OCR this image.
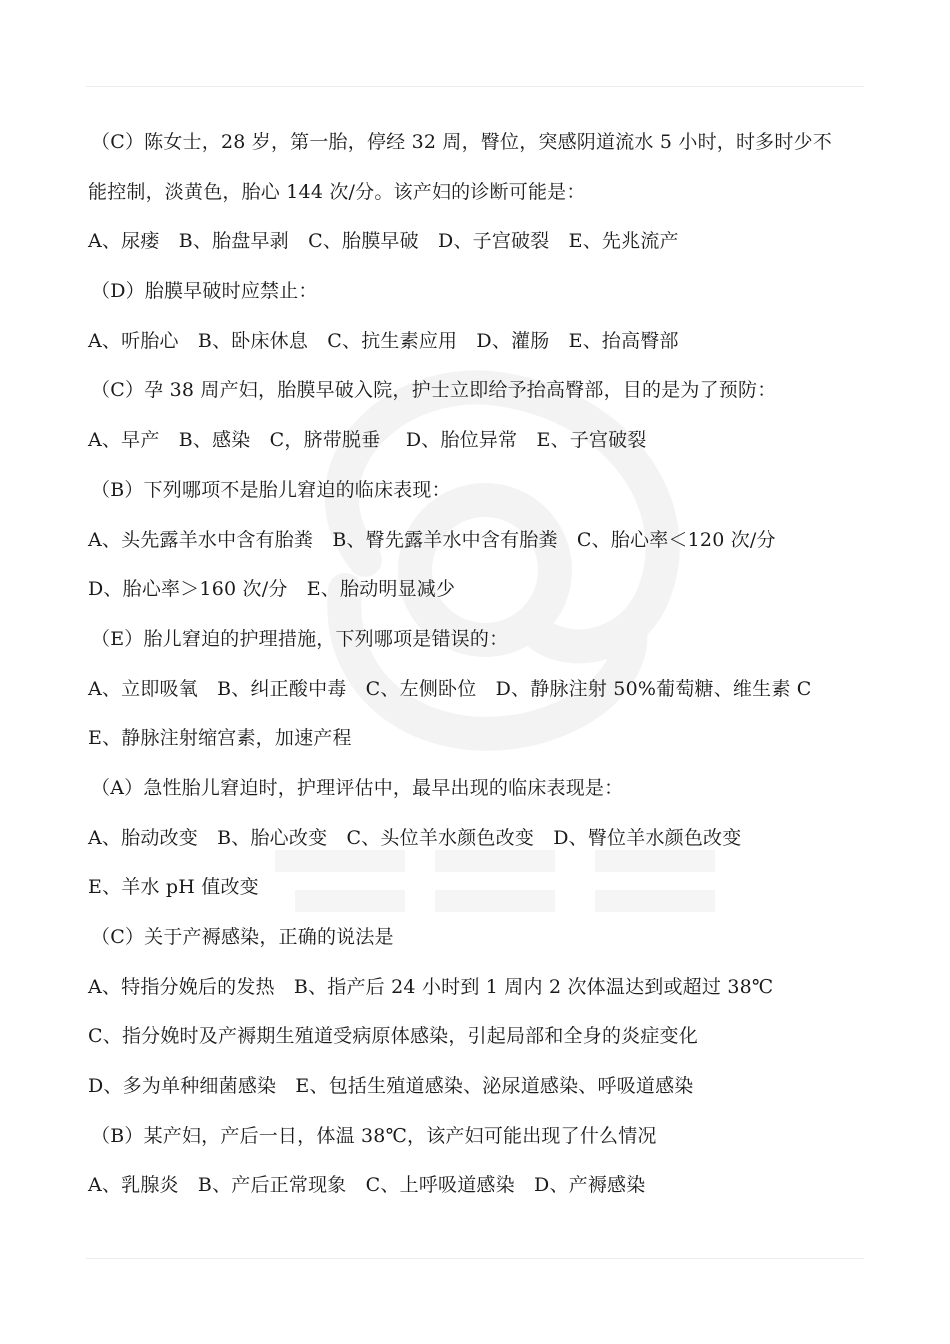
（C）陈女士，28 岁，第一胎，停经 32 周，臀位，突感阴道流水 5 小时，时多时少不
能控制，淡黄色，胎心 144 次/分。该产妇的诊断可能是：
A、尿瘘　B、胎盘早剥　C、胎膜早破　D、子宫破裂　E、先兆流产
（D）胎膜早破时应禁止：
A、听胎心　B、卧床休息　C、抗生素应用　D、灌肠　E、抬高臀部
（C）孕 38 周产妇，胎膜早破入院，护士立即给予抬高臀部，目的是为了预防：
A、早产　B、感染　C，脐带脱垂　 D、胎位异常　E、子宫破裂
（B）下列哪项不是胎儿窘迫的临床表现：
A、头先露羊水中含有胎粪　B、臀先露羊水中含有胎粪　C、胎心率＜120 次/分
D、胎心率＞160 次/分　E、胎动明显减少
（E）胎儿窘迫的护理措施，下列哪项是错误的：
A、立即吸氧　B、纠正酸中毒　C、左侧卧位　D、静脉注射 50%葡萄糖、维生素 C
E、静脉注射缩宫素，加速产程
（A）急性胎儿窘迫时，护理评估中，最早出现的临床表现是：
A、胎动改变　B、胎心改变　C、头位羊水颜色改变　D、臀位羊水颜色改变
E、羊水 pH 值改变
（C）关于产褥感染，正确的说法是
A、特指分娩后的发热　B、指产后 24 小时到 1 周内 2 次体温达到或超过 38℃
C、指分娩时及产褥期生殖道受病原体感染，引起局部和全身的炎症变化
D、多为单种细菌感染　E、包括生殖道感染、泌尿道感染、呼吸道感染
（B）某产妇，产后一日，体温 38℃，该产妇可能出现了什么情况
A、乳腺炎　B、产后正常现象　C、上呼吸道感染　D、产褥感染
